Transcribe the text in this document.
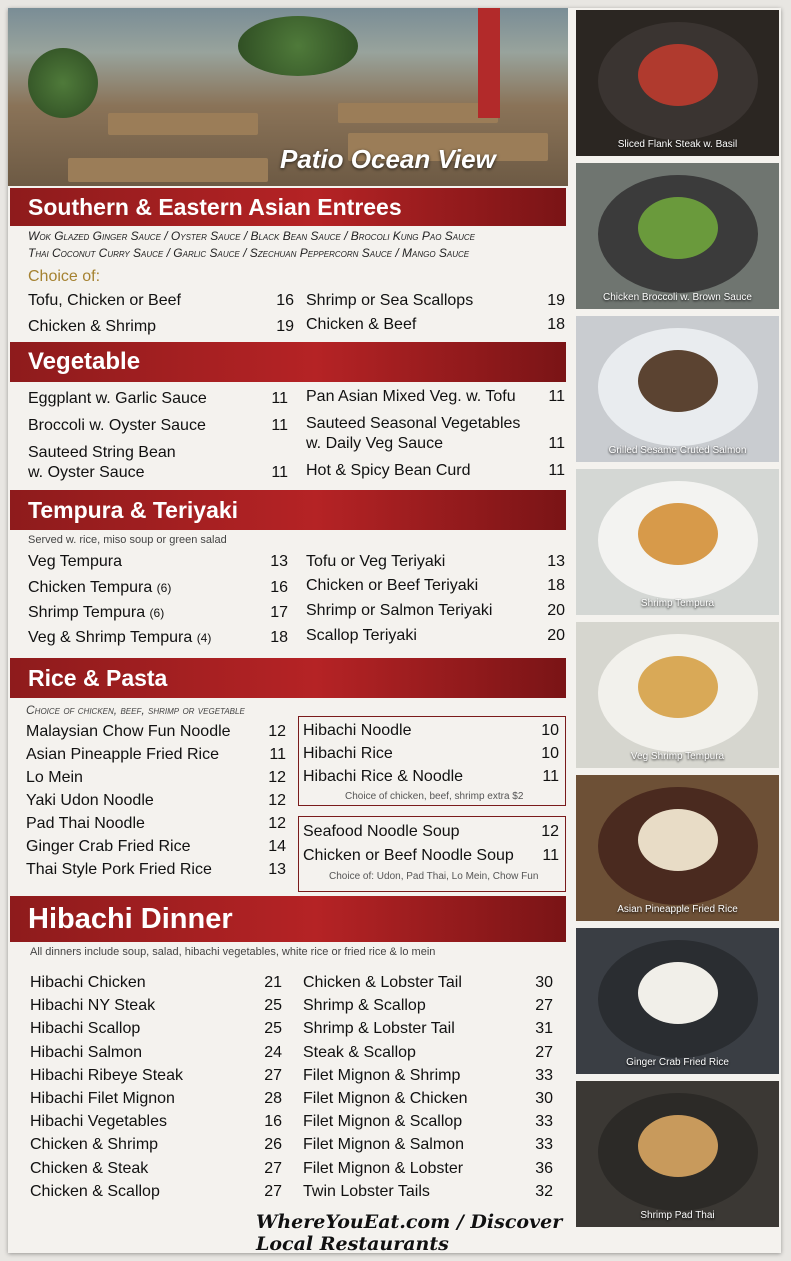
Patio Ocean View
Southern & Eastern Asian Entrees
Wok Glazed Ginger Sauce / Oyster Sauce / Black Bean Sauce / Brocoli Kung Pao Sauce
Thai Coconut Curry Sauce / Garlic Sauce / Szechuan Peppercorn Sauce / Mango Sauce
Choice of:
Tofu, Chicken or Beef	16
Chicken & Shrimp	19
Shrimp or Sea Scallops	19
Chicken & Beef	18
Vegetable
Eggplant w. Garlic Sauce	11
Broccoli w. Oyster Sauce	11
Sauteed String Bean
w. Oyster Sauce	11
Pan Asian Mixed Veg. w. Tofu	11
Sauteed Seasonal Vegetables
w. Daily Veg Sauce	11
Hot & Spicy Bean Curd	11
Tempura & Teriyaki
Served w. rice, miso soup or green salad
Veg Tempura	13
Chicken Tempura (6)	16
Shrimp Tempura (6)	17
Veg & Shrimp Tempura (4)	18
Tofu or Veg Teriyaki	13
Chicken or Beef Teriyaki	18
Shrimp or Salmon Teriyaki	20
Scallop Teriyaki	20
Rice & Pasta
Choice of chicken, beef, shrimp or vegetable
Malaysian Chow Fun Noodle	12
Asian Pineapple Fried Rice	11
Lo Mein	12
Yaki Udon Noodle	12
Pad Thai Noodle	12
Ginger Crab Fried Rice	14
Thai Style Pork Fried Rice	13
Hibachi Noodle	10
Hibachi Rice	10
Hibachi Rice & Noodle	11
Choice of chicken, beef, shrimp extra $2
Seafood Noodle Soup	12
Chicken or Beef Noodle Soup	11
Choice of: Udon, Pad Thai, Lo Mein, Chow Fun
Hibachi Dinner
All dinners include soup, salad, hibachi vegetables, white rice or fried rice & lo mein
Hibachi Chicken	21
Hibachi NY Steak	25
Hibachi Scallop	25
Hibachi Salmon	24
Hibachi Ribeye Steak	27
Hibachi Filet Mignon	28
Hibachi Vegetables	16
Chicken & Shrimp	26
Chicken & Steak	27
Chicken & Scallop	27
Chicken & Lobster Tail	30
Shrimp & Scallop	27
Shrimp & Lobster Tail	31
Steak & Scallop	27
Filet Mignon & Shrimp	33
Filet Mignon & Chicken	30
Filet Mignon & Scallop	33
Filet Mignon & Salmon	33
Filet Mignon & Lobster	36
Twin Lobster Tails	32
WhereYouEat.com / Discover Local Restaurants
Sliced Flank Steak w. Basil
Chicken Broccoli w. Brown Sauce
Grilled Sesame Cruted Salmon
Shrimp Tempura
Veg Shrimp Tempura
Asian Pineapple Fried Rice
Ginger Crab Fried Rice
Shrimp Pad Thai
